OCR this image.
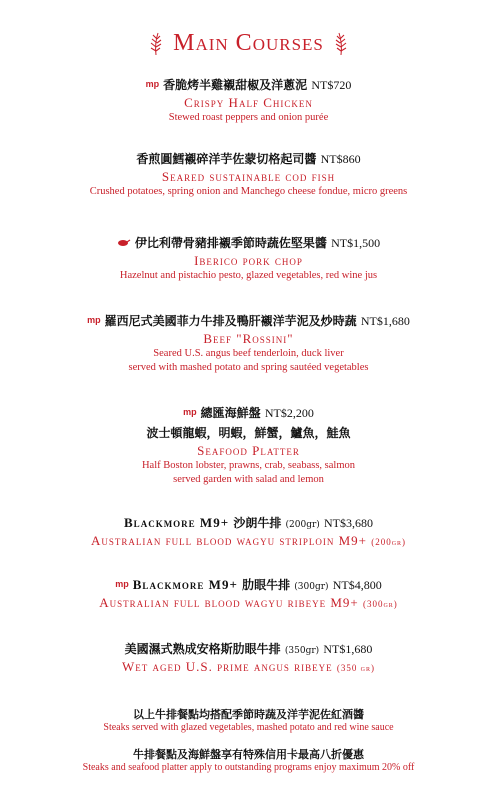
Main Courses
mp 香脆烤半雞襯甜椒及洋蔥泥 NT$720
Crispy Half Chicken
Stewed roast peppers and onion purée
香煎圓鱈襯碎洋芋佐蒙切格起司醬 NT$860
Seared sustainable cod fish
Crushed potatoes, spring onion and Manchego cheese fondue, micro greens
伊比利帶骨豬排襯季節時蔬佐堅果醬 NT$1,500
Iberico pork chop
Hazelnut and pistachio pesto, glazed vegetables, red wine jus
mp 羅西尼式美國菲力牛排及鴨肝襯洋芋泥及炒時蔬 NT$1,680
Beef "Rossini"
Seared U.S. angus beef tenderloin, duck liver
served with mashed potato and spring sautéed vegetables
mp 總匯海鮮盤 NT$2,200
波士頓龍蝦，明蝦，鮮蟹，鱸魚，鮭魚
Seafood Platter
Half Boston lobster, prawns, crab, seabass, salmon
served garden with salad and lemon
Blackmore M9+ 沙朗牛排 (200gr) NT$3,680
Australian full blood wagyu striploin M9+ (200gr)
mp Blackmore M9+ 肋眼牛排 (300gr) NT$4,800
Australian full blood wagyu ribeye M9+ (300gr)
美國濕式熟成安格斯肋眼牛排 (350gr) NT$1,680
Wet aged U.S. prime angus ribeye (350 gr)
以上牛排餐點均搭配季節時蔬及洋芋泥佐紅酒醬
Steaks served with glazed vegetables, mashed potato and red wine sauce
牛排餐點及海鮮盤享有特殊信用卡最高八折優惠
Steaks and seafood platter apply to outstanding programs enjoy maximum 20% off
